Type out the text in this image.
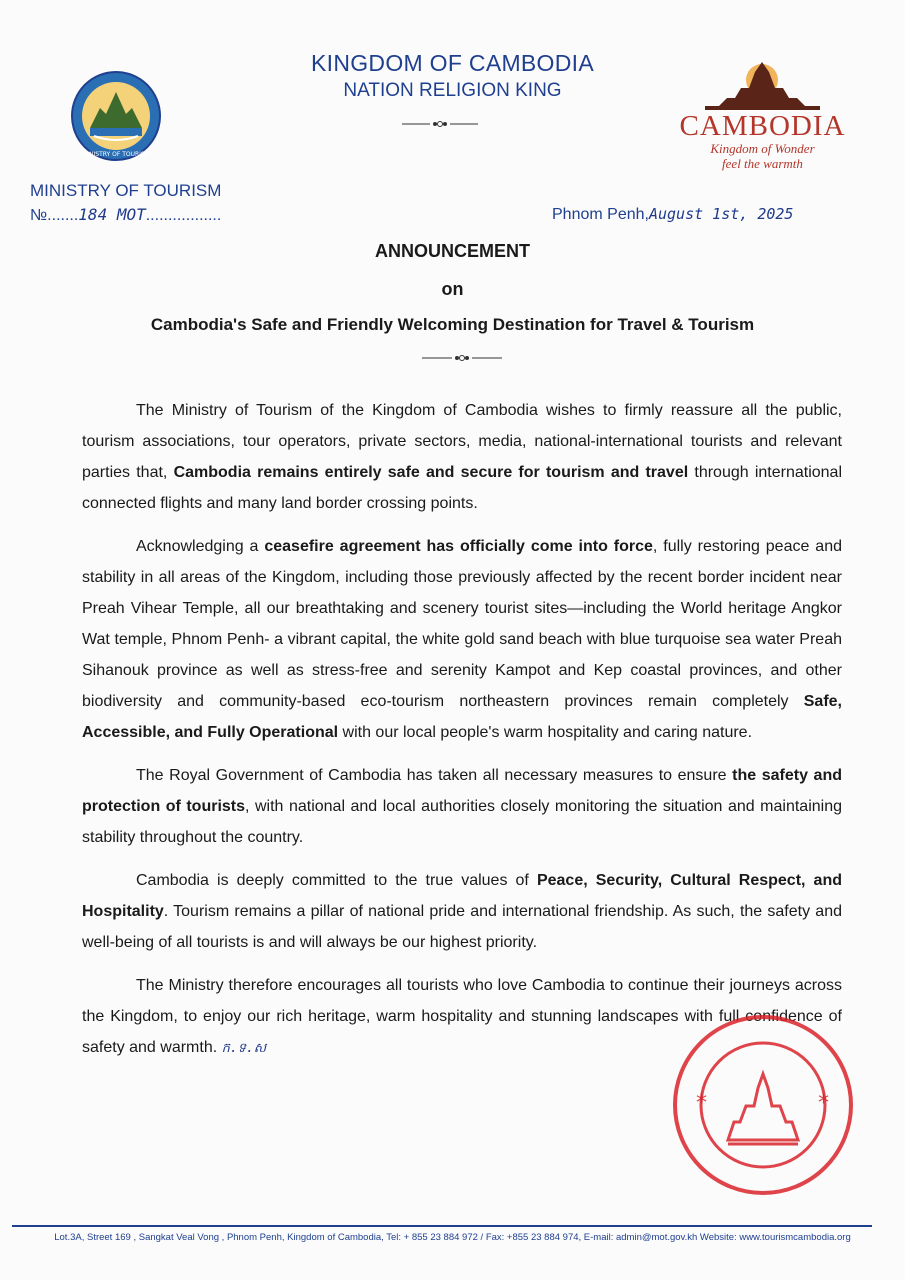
KINGDOM OF CAMBODIA
NATION RELIGION KING
MINISTRY OF TOURISM
CAMBODIA
Kingdom of Wonder
feel the warmth
MINISTRY OF TOURISM
№.......184 MOT.................	Phnom Penh,August 1st, 2025
ANNOUNCEMENT
on
Cambodia's Safe and Friendly Welcoming Destination for Travel & Tourism

The Ministry of Tourism of the Kingdom of Cambodia wishes to firmly reassure all the public, tourism associations, tour operators, private sectors, media, national-international tourists and relevant parties that, Cambodia remains entirely safe and secure for tourism and travel through international connected flights and many land border crossing points.

Acknowledging a ceasefire agreement has officially come into force, fully restoring peace and stability in all areas of the Kingdom, including those previously affected by the recent border incident near Preah Vihear Temple, all our breathtaking and scenery tourist sites—including the World heritage Angkor Wat temple, Phnom Penh- a vibrant capital, the white gold sand beach with blue turquoise sea water Preah Sihanouk province as well as stress-free and serenity Kampot and Kep coastal provinces, and other biodiversity and community-based eco-tourism northeastern provinces remain completely Safe, Accessible, and Fully Operational with our local people's warm hospitality and caring nature.

The Royal Government of Cambodia has taken all necessary measures to ensure the safety and protection of tourists, with national and local authorities closely monitoring the situation and maintaining stability throughout the country.

Cambodia is deeply committed to the true values of Peace, Security, Cultural Respect, and Hospitality. Tourism remains a pillar of national pride and international friendship. As such, the safety and well-being of all tourists is and will always be our highest priority.

The Ministry therefore encourages all tourists who love Cambodia to continue their journeys across the Kingdom, to enjoy our rich heritage, warm hospitality and stunning landscapes with full confidence of safety and warmth. ក.ទ.ស

*	*
Lot.3A, Street 169 , Sangkat Veal Vong , Phnom Penh, Kingdom of Cambodia, Tel: + 855 23 884 972 / Fax: +855 23 884 974, E-mail: admin@mot.gov.kh Website: www.tourismcambodia.org
